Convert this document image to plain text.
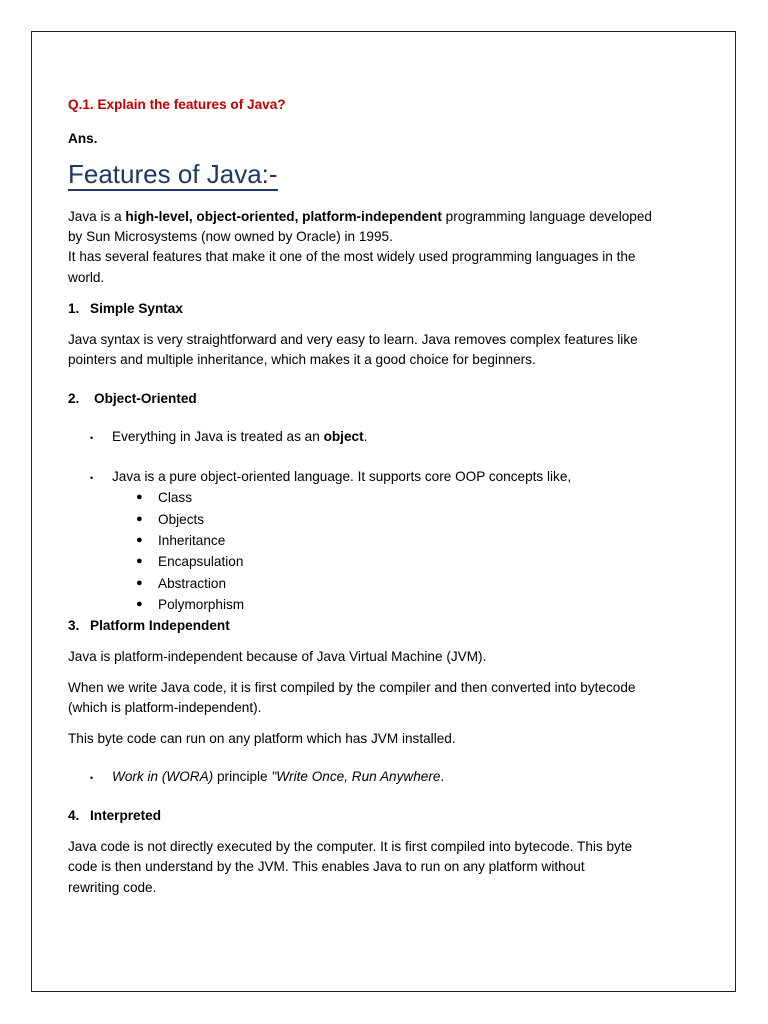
Q.1. Explain the features of Java?
Ans.
Features of Java:-
Java is a high-level, object-oriented, platform-independent programming language developed
by Sun Microsystems (now owned by Oracle) in 1995.
It has several features that make it one of the most widely used programming languages in the
world.
1. Simple Syntax
Java syntax is very straightforward and very easy to learn. Java removes complex features like
pointers and multiple inheritance, which makes it a good choice for beginners.
2. Object-Oriented
• Everything in Java is treated as an object.
• Java is a pure object-oriented language. It supports core OOP concepts like,
● Class
● Objects
● Inheritance
● Encapsulation
● Abstraction
● Polymorphism
3. Platform Independent
Java is platform-independent because of Java Virtual Machine (JVM).
When we write Java code, it is first compiled by the compiler and then converted into bytecode
(which is platform-independent).
This byte code can run on any platform which has JVM installed.
• Work in (WORA) principle "Write Once, Run Anywhere.
4. Interpreted
Java code is not directly executed by the computer. It is first compiled into bytecode. This byte
code is then understand by the JVM. This enables Java to run on any platform without
rewriting code.
